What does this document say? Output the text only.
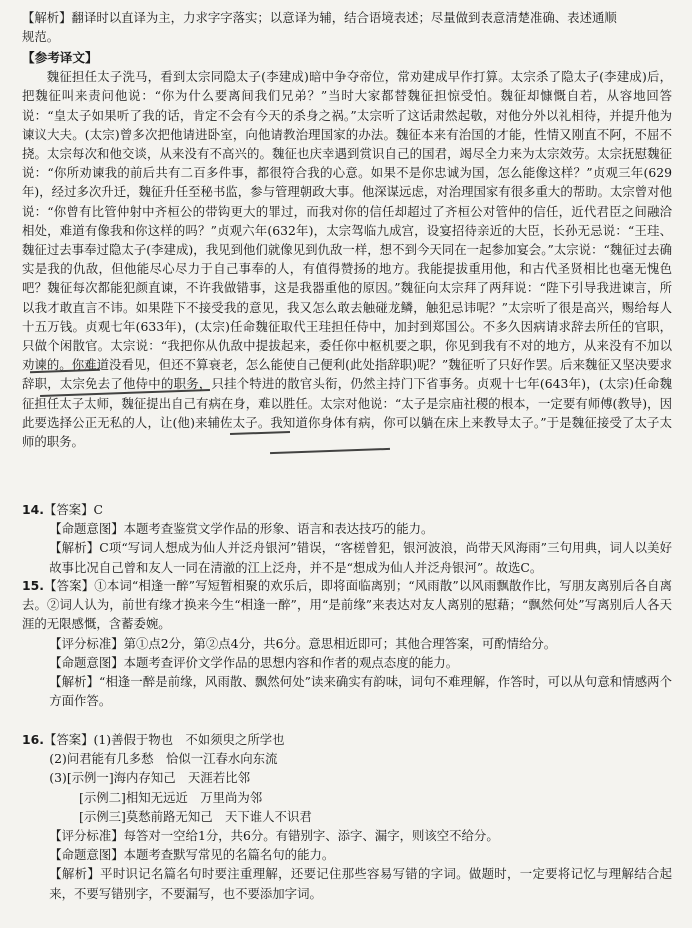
【解析】翻译时以直译为主，力求字字落实；以意译为辅，结合语境表述；尽量做到表意清楚准确、表述通顺

规范。

【参考译文】

魏征担任太子洗马，看到太宗同隐太子(李建成)暗中争夺帝位，常劝建成早作打算。太宗杀了隐太子(李建成)后，把魏征叫来责问他说：“你为什么要离间我们兄弟？”当时大家都替魏征担惊受怕。魏征却慷慨自若，从容地回答说：“皇太子如果听了我的话，肯定不会有今天的杀身之祸。”太宗听了这话肃然起敬，对他分外以礼相待，并提升他为谏议大夫。(太宗)曾多次把他请进卧室，向他请教治理国家的办法。魏征本来有治国的才能，性情又刚直不阿，不屈不挠。太宗每次和他交谈，从来没有不高兴的。魏征也庆幸遇到赏识自己的国君，竭尽全力来为太宗效劳。太宗抚慰魏征说：“你所劝谏我的前后共有二百多件事，都很符合我的心意。如果不是你忠诚为国，怎么能像这样？”贞观三年(629年)，经过多次升迁，魏征升任至秘书监，参与管理朝政大事。他深谋远虑，对治理国家有很多重大的帮助。太宗曾对他说：“你曾有比管仲射中齐桓公的带钩更大的罪过，而我对你的信任却超过了齐桓公对管仲的信任，近代君臣之间融洽相处，难道有像我和你这样的吗？”贞观六年(632年)，太宗驾临九成宫，设宴招待亲近的大臣，长孙无忌说：“王珪、魏征过去事奉过隐太子(李建成)，我见到他们就像见到仇敌一样，想不到今天同在一起参加宴会。”太宗说：“魏征过去确实是我的仇敌，但他能尽心尽力于自己事奉的人，有值得赞扬的地方。我能提拔重用他，和古代圣贤相比也毫无愧色吧？魏征每次都能犯颜直谏，不许我做错事，这是我器重他的原因。”魏征向太宗拜了两拜说：“陛下引导我进谏言，所以我才敢直言不讳。如果陛下不接受我的意见，我又怎么敢去触碰龙鳞，触犯忌讳呢？”太宗听了很是高兴，赐给每人十五万钱。贞观七年(633年)，(太宗)任命魏征取代王珪担任侍中，加封到郑国公。不多久因病请求辞去所任的官职，只做个闲散官。太宗说：“我把你从仇敌中提拔起来，委任你中枢机要之职，你见到我有不对的地方，从来没有不加以劝谏的。你难道没看见，但还不算衰老，怎么能使自己便利(此处指辞职)呢？”魏征听了只好作罢。后来魏征又坚决要求辞职，太宗免去了他侍中的职务，只挂个特进的散官头衔，仍然主持门下省事务。贞观十七年(643年)，(太宗)任命魏征担任太子太师，魏征提出自己有病在身，难以胜任。太宗对他说：“太子是宗庙社稷的根本，一定要有师傅(教导)，因此要选择公正无私的人，让(他)来辅佐太子。我知道你身体有病，你可以躺在床上来教导太子。”于是魏征接受了太子太师的职务。

14.【答案】C

【命题意图】本题考查鉴赏文学作品的形象、语言和表达技巧的能力。

【解析】C项“写词人想成为仙人并泛舟银河”错误，“客槎曾犯，银河波浪，尚带天风海雨”三句用典，词人以美好故事比况自己曾和友人一同在清澈的江上泛舟，并不是“想成为仙人并泛舟银河”。故选C。

15.【答案】①本词“相逢一醉”写短暂相聚的欢乐后，即将面临离别；“风雨散”以风雨飘散作比，写朋友离别后各自离去。②词人认为，前世有缘才换来今生“相逢一醉”，用“是前缘”来表达对友人离别的慰藉；“飘然何处”写离别后人各天涯的无限感慨，含蓄委婉。

【评分标准】第①点2分，第②点4分，共6分。意思相近即可；其他合理答案，可酌情给分。

【命题意图】本题考查评价文学作品的思想内容和作者的观点态度的能力。

【解析】“相逢一醉是前缘，风雨散、飘然何处”读来确实有韵味，词句不难理解，作答时，可以从句意和情感两个方面作答。

16.【答案】(1)善假于物也　不如须臾之所学也

(2)问君能有几多愁　恰似一江春水向东流

(3)[示例一]海内存知己　天涯若比邻

[示例二]相知无远近　万里尚为邻

[示例三]莫愁前路无知己　天下谁人不识君

【评分标准】每答对一空给1分，共6分。有错别字、添字、漏字，则该空不给分。

【命题意图】本题考查默写常见的名篇名句的能力。

【解析】平时识记名篇名句时要注重理解，还要记住那些容易写错的字词。做题时，一定要将记忆与理解结合起来，不要写错别字，不要漏写，也不要添加字词。
